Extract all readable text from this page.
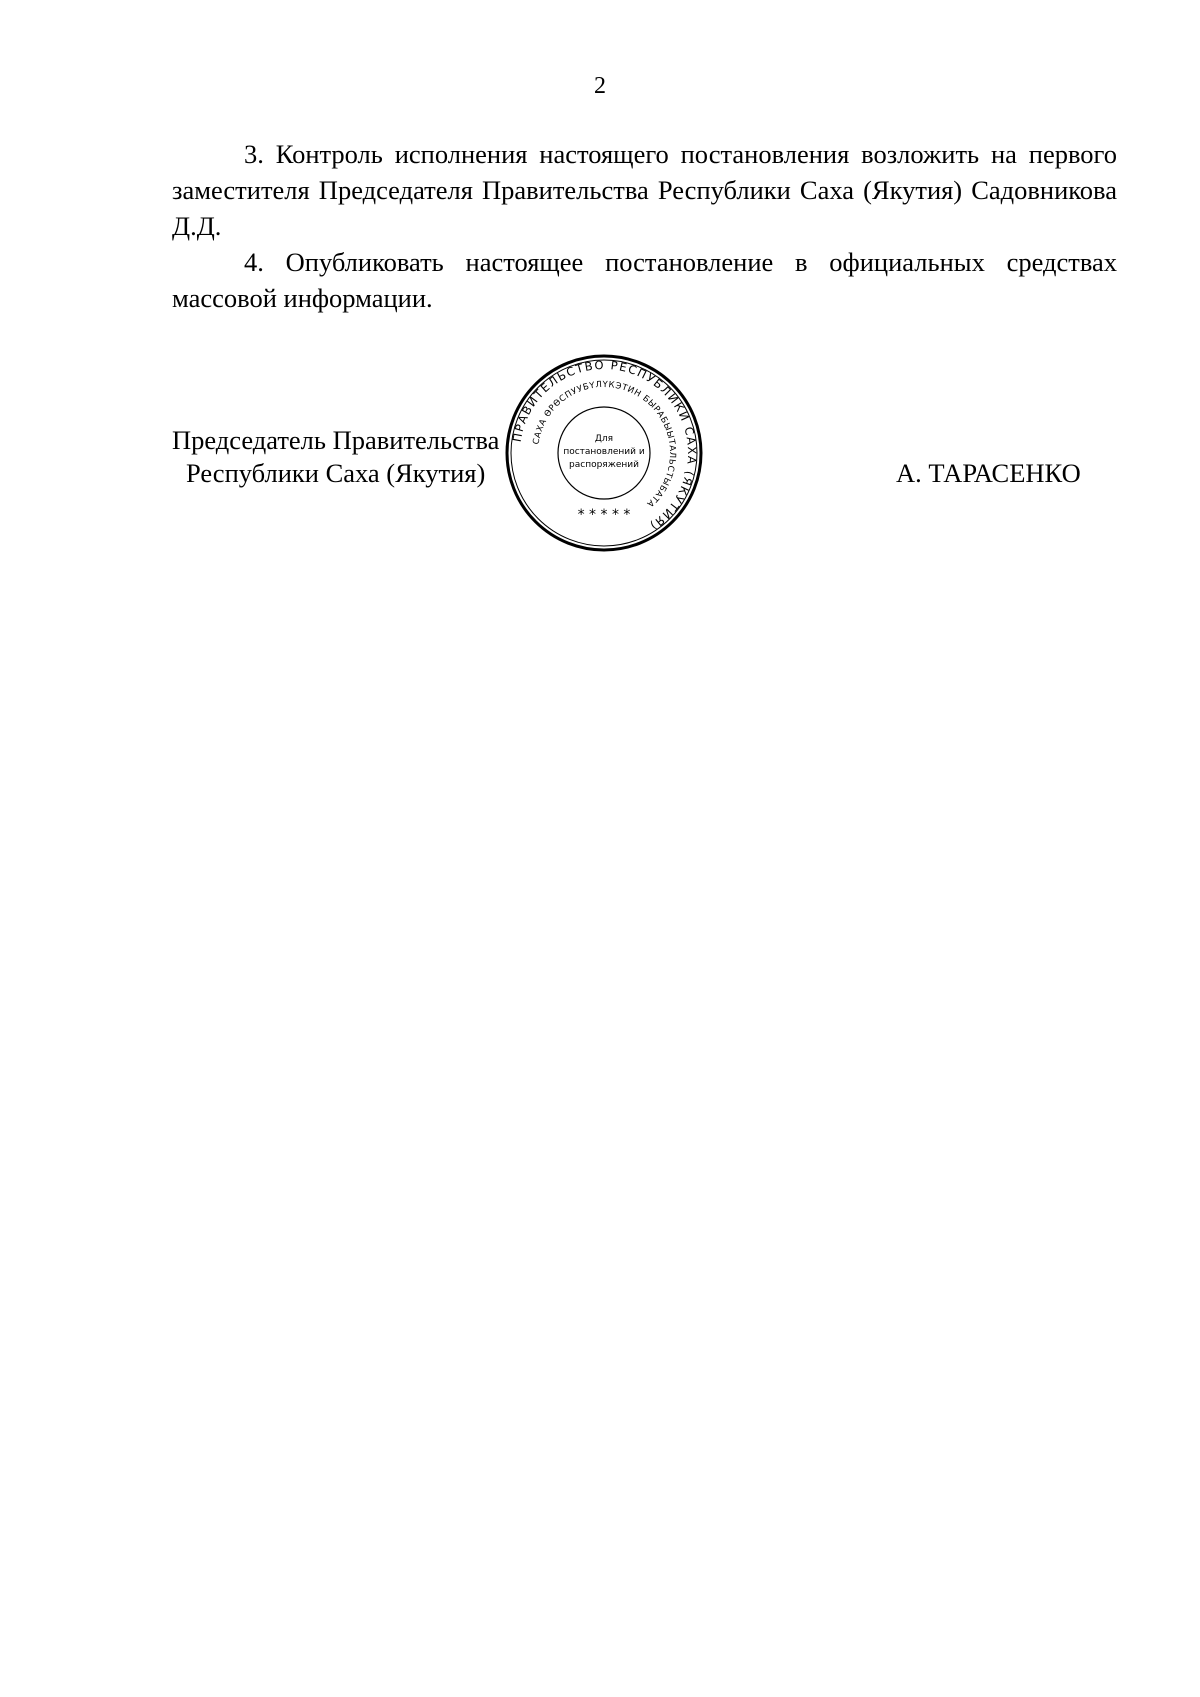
2

3. Контроль исполнения настоящего постановления возложить на первого заместителя Председателя Правительства Республики Саха (Якутия) Садовникова Д.Д.

4. Опубликовать настоящее постановление в официальных средствах массовой информации.

Председатель Правительства
Республики Саха (Якутия)	А. ТАРАСЕНКО
ПРАВИТЕЛЬСТВО РЕСПУБЛИКИ САХА (ЯКУТИЯ)
САХА ӨРӨСПУУБҮЛҮКЭТИН БЫРАБЫЫТАЛЬСТЫБАТА
Для
постановлений и
распоряжений
* * * * *
